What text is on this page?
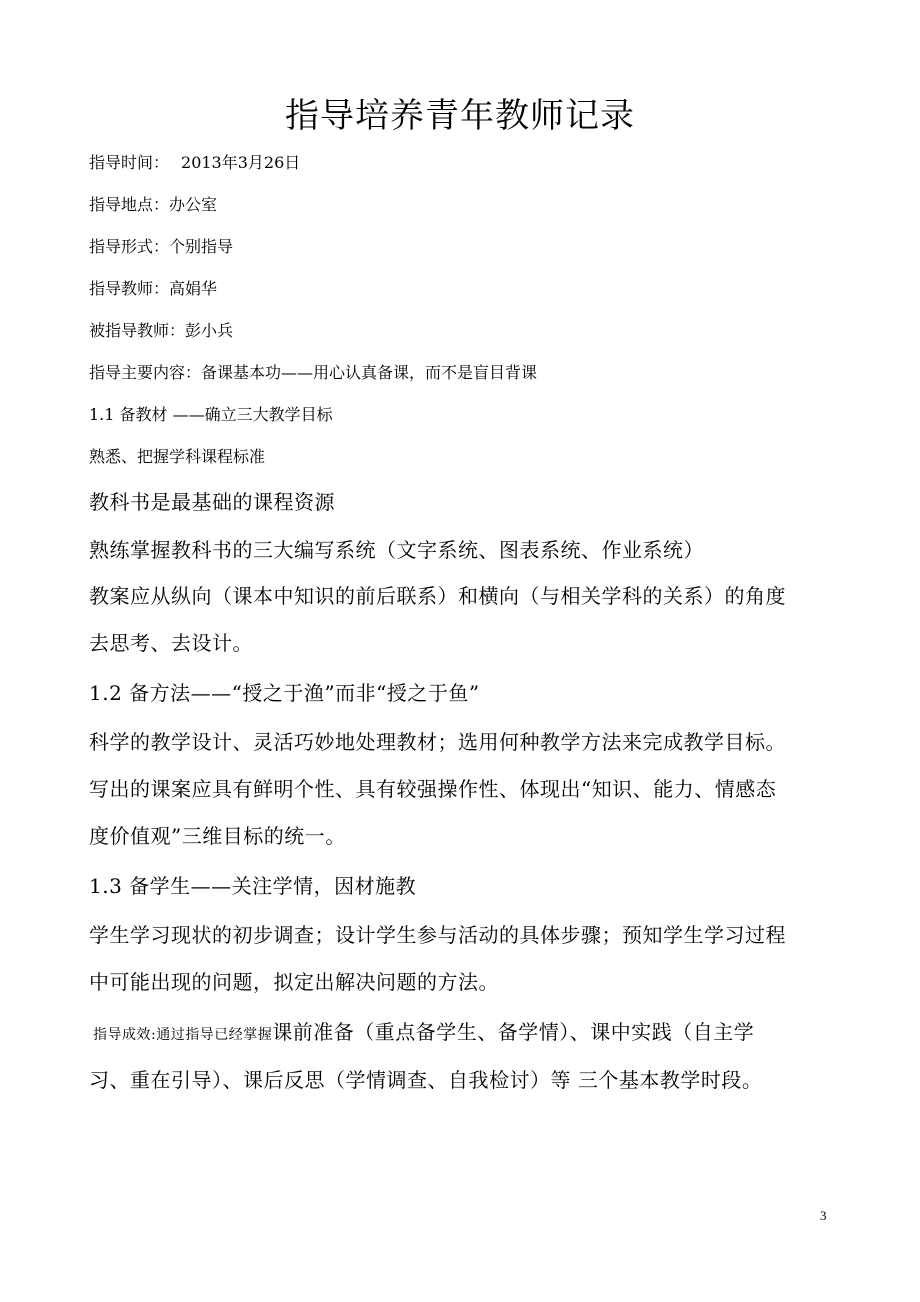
指导培养青年教师记录
指导时间： 2013年3月26日
指导地点：办公室
指导形式：个别指导
指导教师：高娟华
被指导教师：彭小兵
指导主要内容：备课基本功——用心认真备课，而不是盲目背课
1.1 备教材 ——确立三大教学目标
熟悉、把握学科课程标准
教科书是最基础的课程资源
熟练掌握教科书的三大编写系统（文字系统、图表系统、作业系统）
教案应从纵向（课本中知识的前后联系）和横向（与相关学科的关系）的角度
去思考、去设计。
1.2 备方法——“授之于渔”而非“授之于鱼”
科学的教学设计、灵活巧妙地处理教材；选用何种教学方法来完成教学目标。
写出的课案应具有鲜明个性、具有较强操作性、体现出“知识、能力、情感态
度价值观”三维目标的统一。
1.3 备学生——关注学情，因材施教
学生学习现状的初步调查；设计学生参与活动的具体步骤；预知学生学习过程
中可能出现的问题，拟定出解决问题的方法。
指导成效:通过指导已经掌握课前准备（重点备学生、备学情）、课中实践（自主学
习、重在引导）、课后反思（学情调查、自我检讨）等 三个基本教学时段。
3
